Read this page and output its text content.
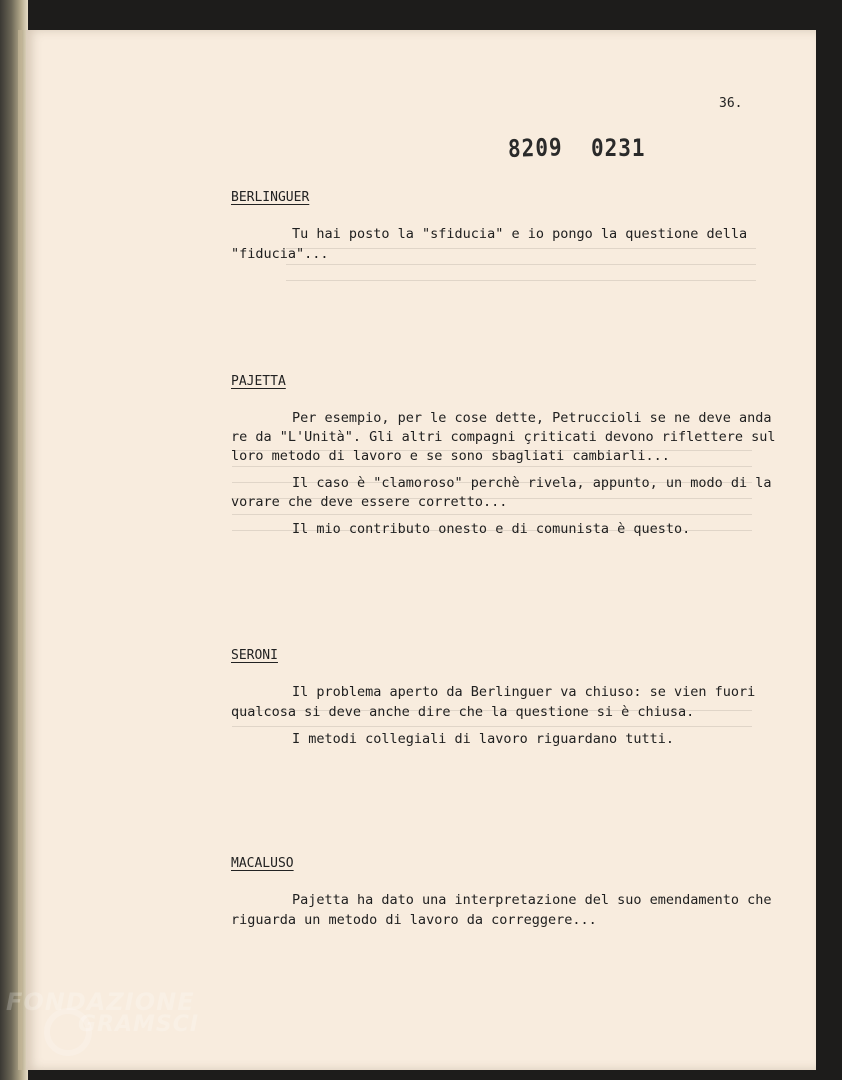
36.
8209 0231
BERLINGUER
Tu hai posto la "sfiducia" e io pongo la questione della
"fiducia"...
PAJETTA
Per esempio, per le cose dette, Petruccioli se ne deve anda
re da "L'Unità". Gli altri compagni çriticati devono riflettere sul
loro metodo di lavoro e se sono sbagliati cambiarli...
Il caso è "clamoroso" perchè rivela, appunto, un modo di la
vorare che deve essere corretto...
Il mio contributo onesto e di comunista è questo.
SERONI
Il problema aperto da Berlinguer va chiuso: se vien fuori
qualcosa si deve anche dire che la questione si è chiusa.
I metodi collegiali di lavoro riguardano tutti.
MACALUSO
Pajetta ha dato una interpretazione del suo emendamento che
riguarda un metodo di lavoro da correggere...
FONDAZIONE
GRAMSCI
